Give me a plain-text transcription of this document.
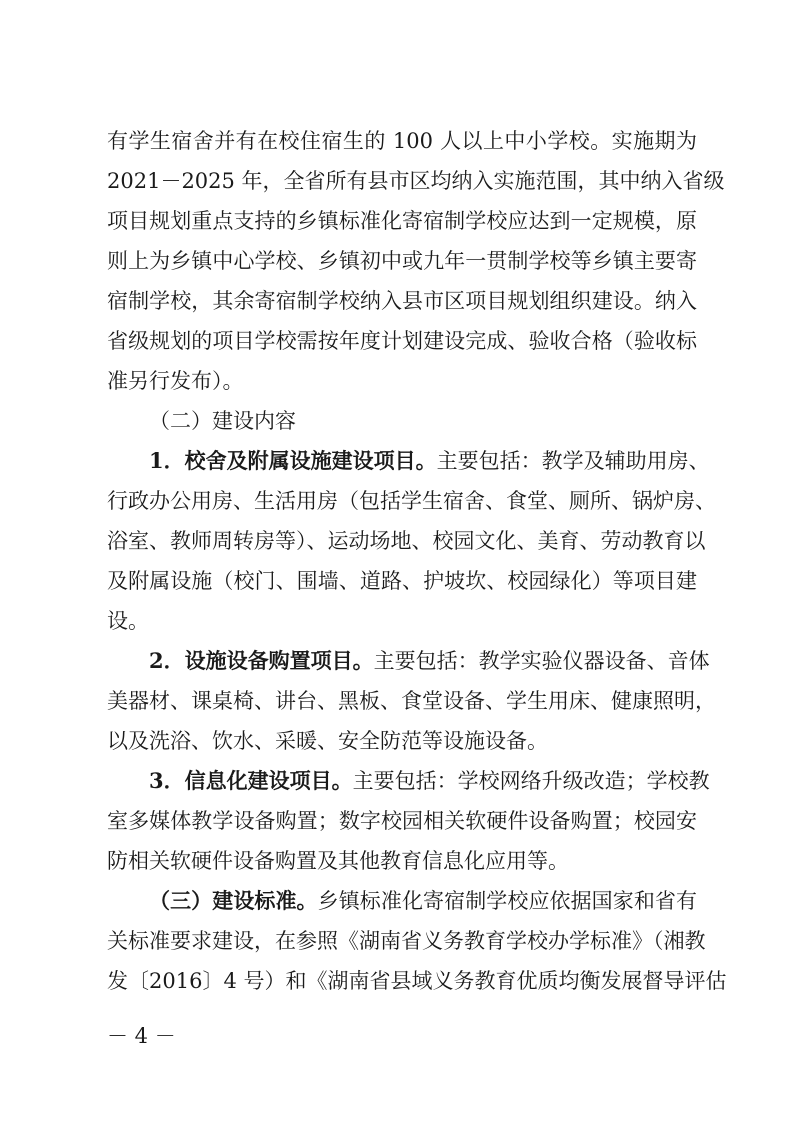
有学生宿舍并有在校住宿生的 100 人以上中小学校。实施期为
2021－2025 年，全省所有县市区均纳入实施范围，其中纳入省级
项目规划重点支持的乡镇标准化寄宿制学校应达到一定规模，原
则上为乡镇中心学校、乡镇初中或九年一贯制学校等乡镇主要寄
宿制学校，其余寄宿制学校纳入县市区项目规划组织建设。纳入
省级规划的项目学校需按年度计划建设完成、验收合格（验收标
准另行发布）。
（二）建设内容
1．校舍及附属设施建设项目。主要包括：教学及辅助用房、
行政办公用房、生活用房（包括学生宿舍、食堂、厕所、锅炉房、
浴室、教师周转房等）、运动场地、校园文化、美育、劳动教育以
及附属设施（校门、围墙、道路、护坡坎、校园绿化）等项目建
设。
2．设施设备购置项目。主要包括：教学实验仪器设备、音体
美器材、课桌椅、讲台、黑板、食堂设备、学生用床、健康照明，
以及洗浴、饮水、采暖、安全防范等设施设备。
3．信息化建设项目。主要包括：学校网络升级改造；学校教
室多媒体教学设备购置；数字校园相关软硬件设备购置；校园安
防相关软硬件设备购置及其他教育信息化应用等。
（三）建设标准。乡镇标准化寄宿制学校应依据国家和省有
关标准要求建设，在参照《湖南省义务教育学校办学标准》（湘教
发〔2016〕4 号）和《湖南省县域义务教育优质均衡发展督导评估
－ 4 －
